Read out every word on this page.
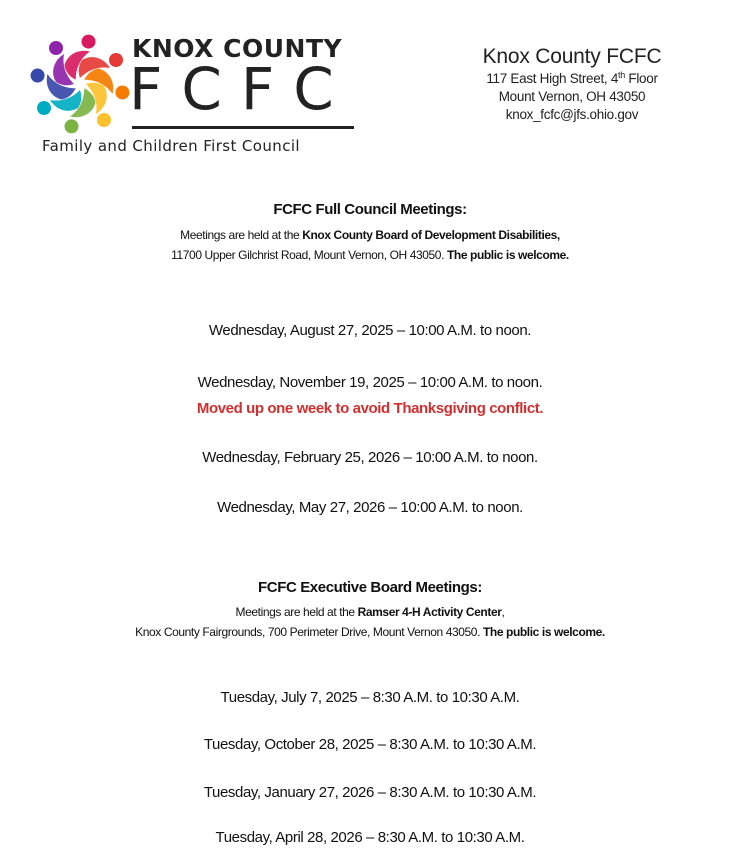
KNOX COUNTY
FCFC
Family and Children First Council
Knox County FCFC
117 East High Street, 4th Floor
Mount Vernon, OH 43050
knox_fcfc@jfs.ohio.gov
FCFC Full Council Meetings:
Meetings are held at the Knox County Board of Development Disabilities,
11700 Upper Gilchrist Road, Mount Vernon, OH 43050. The public is welcome.
Wednesday, August 27, 2025 – 10:00 A.M. to noon.
Wednesday, November 19, 2025 – 10:00 A.M. to noon.
Moved up one week to avoid Thanksgiving conflict.
Wednesday, February 25, 2026 – 10:00 A.M. to noon.
Wednesday, May 27, 2026 – 10:00 A.M. to noon.
FCFC Executive Board Meetings:
Meetings are held at the Ramser 4-H Activity Center,
Knox County Fairgrounds, 700 Perimeter Drive, Mount Vernon 43050. The public is welcome.
Tuesday, July 7, 2025 – 8:30 A.M. to 10:30 A.M.
Tuesday, October 28, 2025 – 8:30 A.M. to 10:30 A.M.
Tuesday, January 27, 2026 – 8:30 A.M. to 10:30 A.M.
Tuesday, April 28, 2026 – 8:30 A.M. to 10:30 A.M.
